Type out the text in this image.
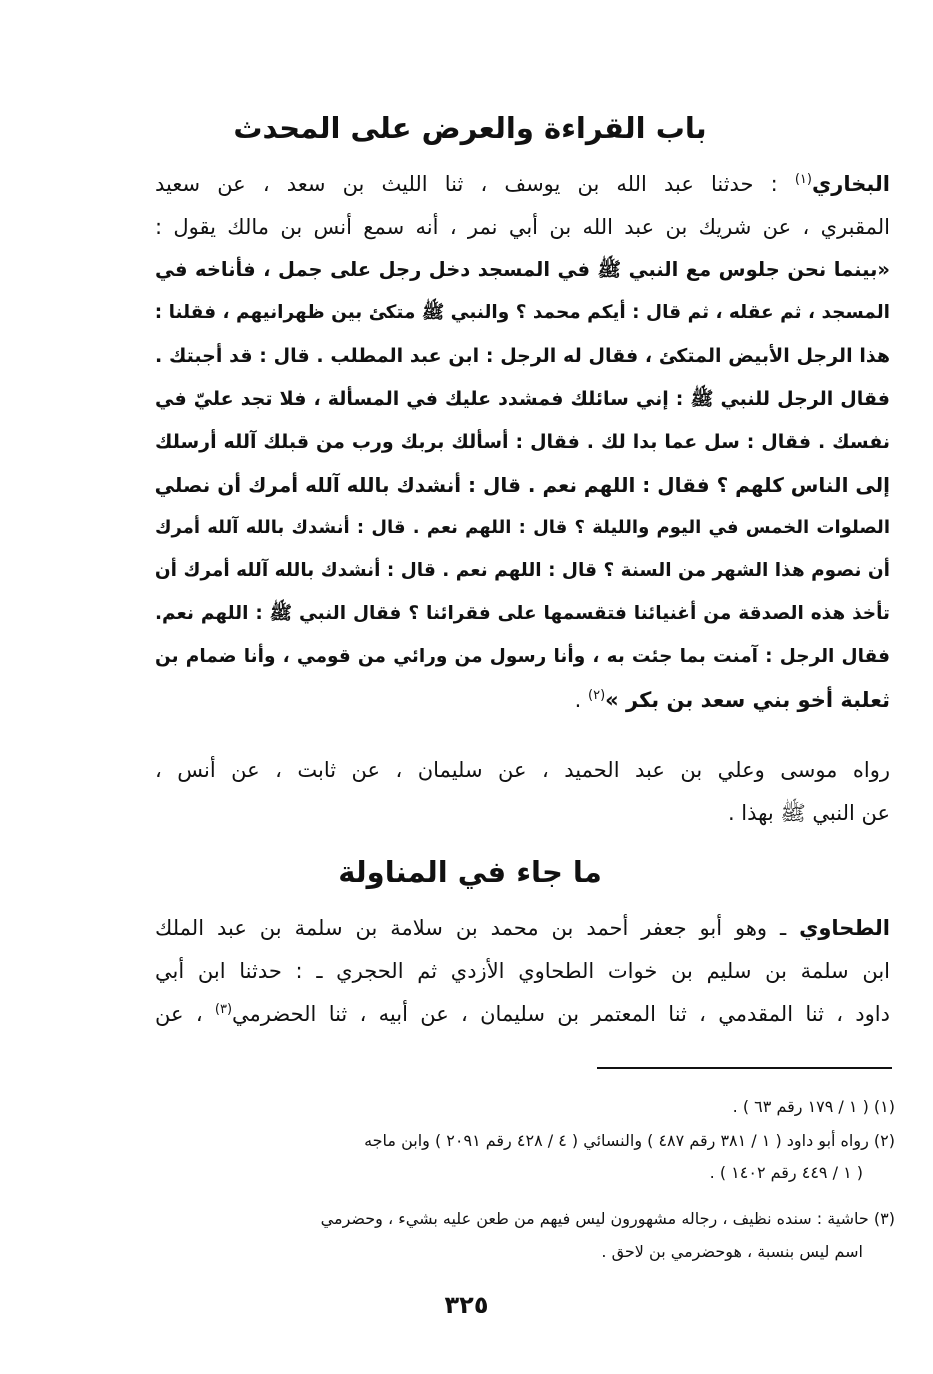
باب القراءة والعرض على المحدث
البخاري$^{(١)}$ : حدثنا عبد الله بن يوسف ، ثنا الليث بن سعد ، عن سعيد
المقبري ، عن شريك بن عبد الله بن أبي نمر ، أنه سمع أنس بن مالك يقول :
«بينما نحن جلوس مع النبي ﷺ في المسجد دخل رجل على جمل ، فأناخه في
المسجد ، ثم عقله ، ثم قال : أيكم محمد ؟ والنبي ﷺ متكئ بين ظهرانيهم ، فقلنا :
هذا الرجل الأبيض المتكئ ، فقال له الرجل : ابن عبد المطلب . قال : قد أجبتك .
فقال الرجل للنبي ﷺ : إني سائلك فمشدد عليك في المسألة ، فلا تجد عليّ في
نفسك . فقال : سل عما بدا لك . فقال : أسألك بربك ورب من قبلك آلله أرسلك
إلى الناس كلهم ؟ فقال : اللهم نعم . قال : أنشدك بالله آلله أمرك أن نصلي
الصلوات الخمس في اليوم والليلة ؟ قال : اللهم نعم . قال : أنشدك بالله آلله أمرك
أن نصوم هذا الشهر من السنة ؟ قال : اللهم نعم . قال : أنشدك بالله آلله أمرك أن
تأخذ هذه الصدقة من أغنيائنا فتقسمها على فقرائنا ؟ فقال النبي ﷺ : اللهم نعم.
فقال الرجل : آمنت بما جئت به ، وأنا رسول من ورائي من قومي ، وأنا ضمام بن
ثعلبة أخو بني سعد بن بكر »$^{(٢)}$ .
رواه موسى وعلي بن عبد الحميد ، عن سليمان ، عن ثابت ، عن أنس ،
عن النبي ﷺ بهذا .
ما جاء في المناولة
الطحاوي ـ وهو أبو جعفر أحمد بن محمد بن سلامة بن سلمة بن عبد الملك
ابن سلمة بن سليم بن خوات الطحاوي الأزدي ثم الحجري ـ : حدثنا ابن أبي
داود ، ثنا المقدمي ، ثنا المعتمر بن سليمان ، عن أبيه ، ثنا الحضرمي$^{(٣)}$ ، عن
(١) ( ١ / ١٧٩ رقم ٦٣ ) .
(٢) رواه أبو داود ( ١ / ٣٨١ رقم ٤٨٧ ) والنسائي ( ٤ / ٤٢٨ رقم ٢٠٩١ ) وابن ماجه
( ١ / ٤٤٩ رقم ١٤٠٢ ) .
(٣) حاشية : سنده نظيف ، رجاله مشهورون ليس فيهم من طعن عليه بشيء ، وحضرمي
اسم ليس بنسبة ، هوحضرمي بن لاحق .
٣٢٥
